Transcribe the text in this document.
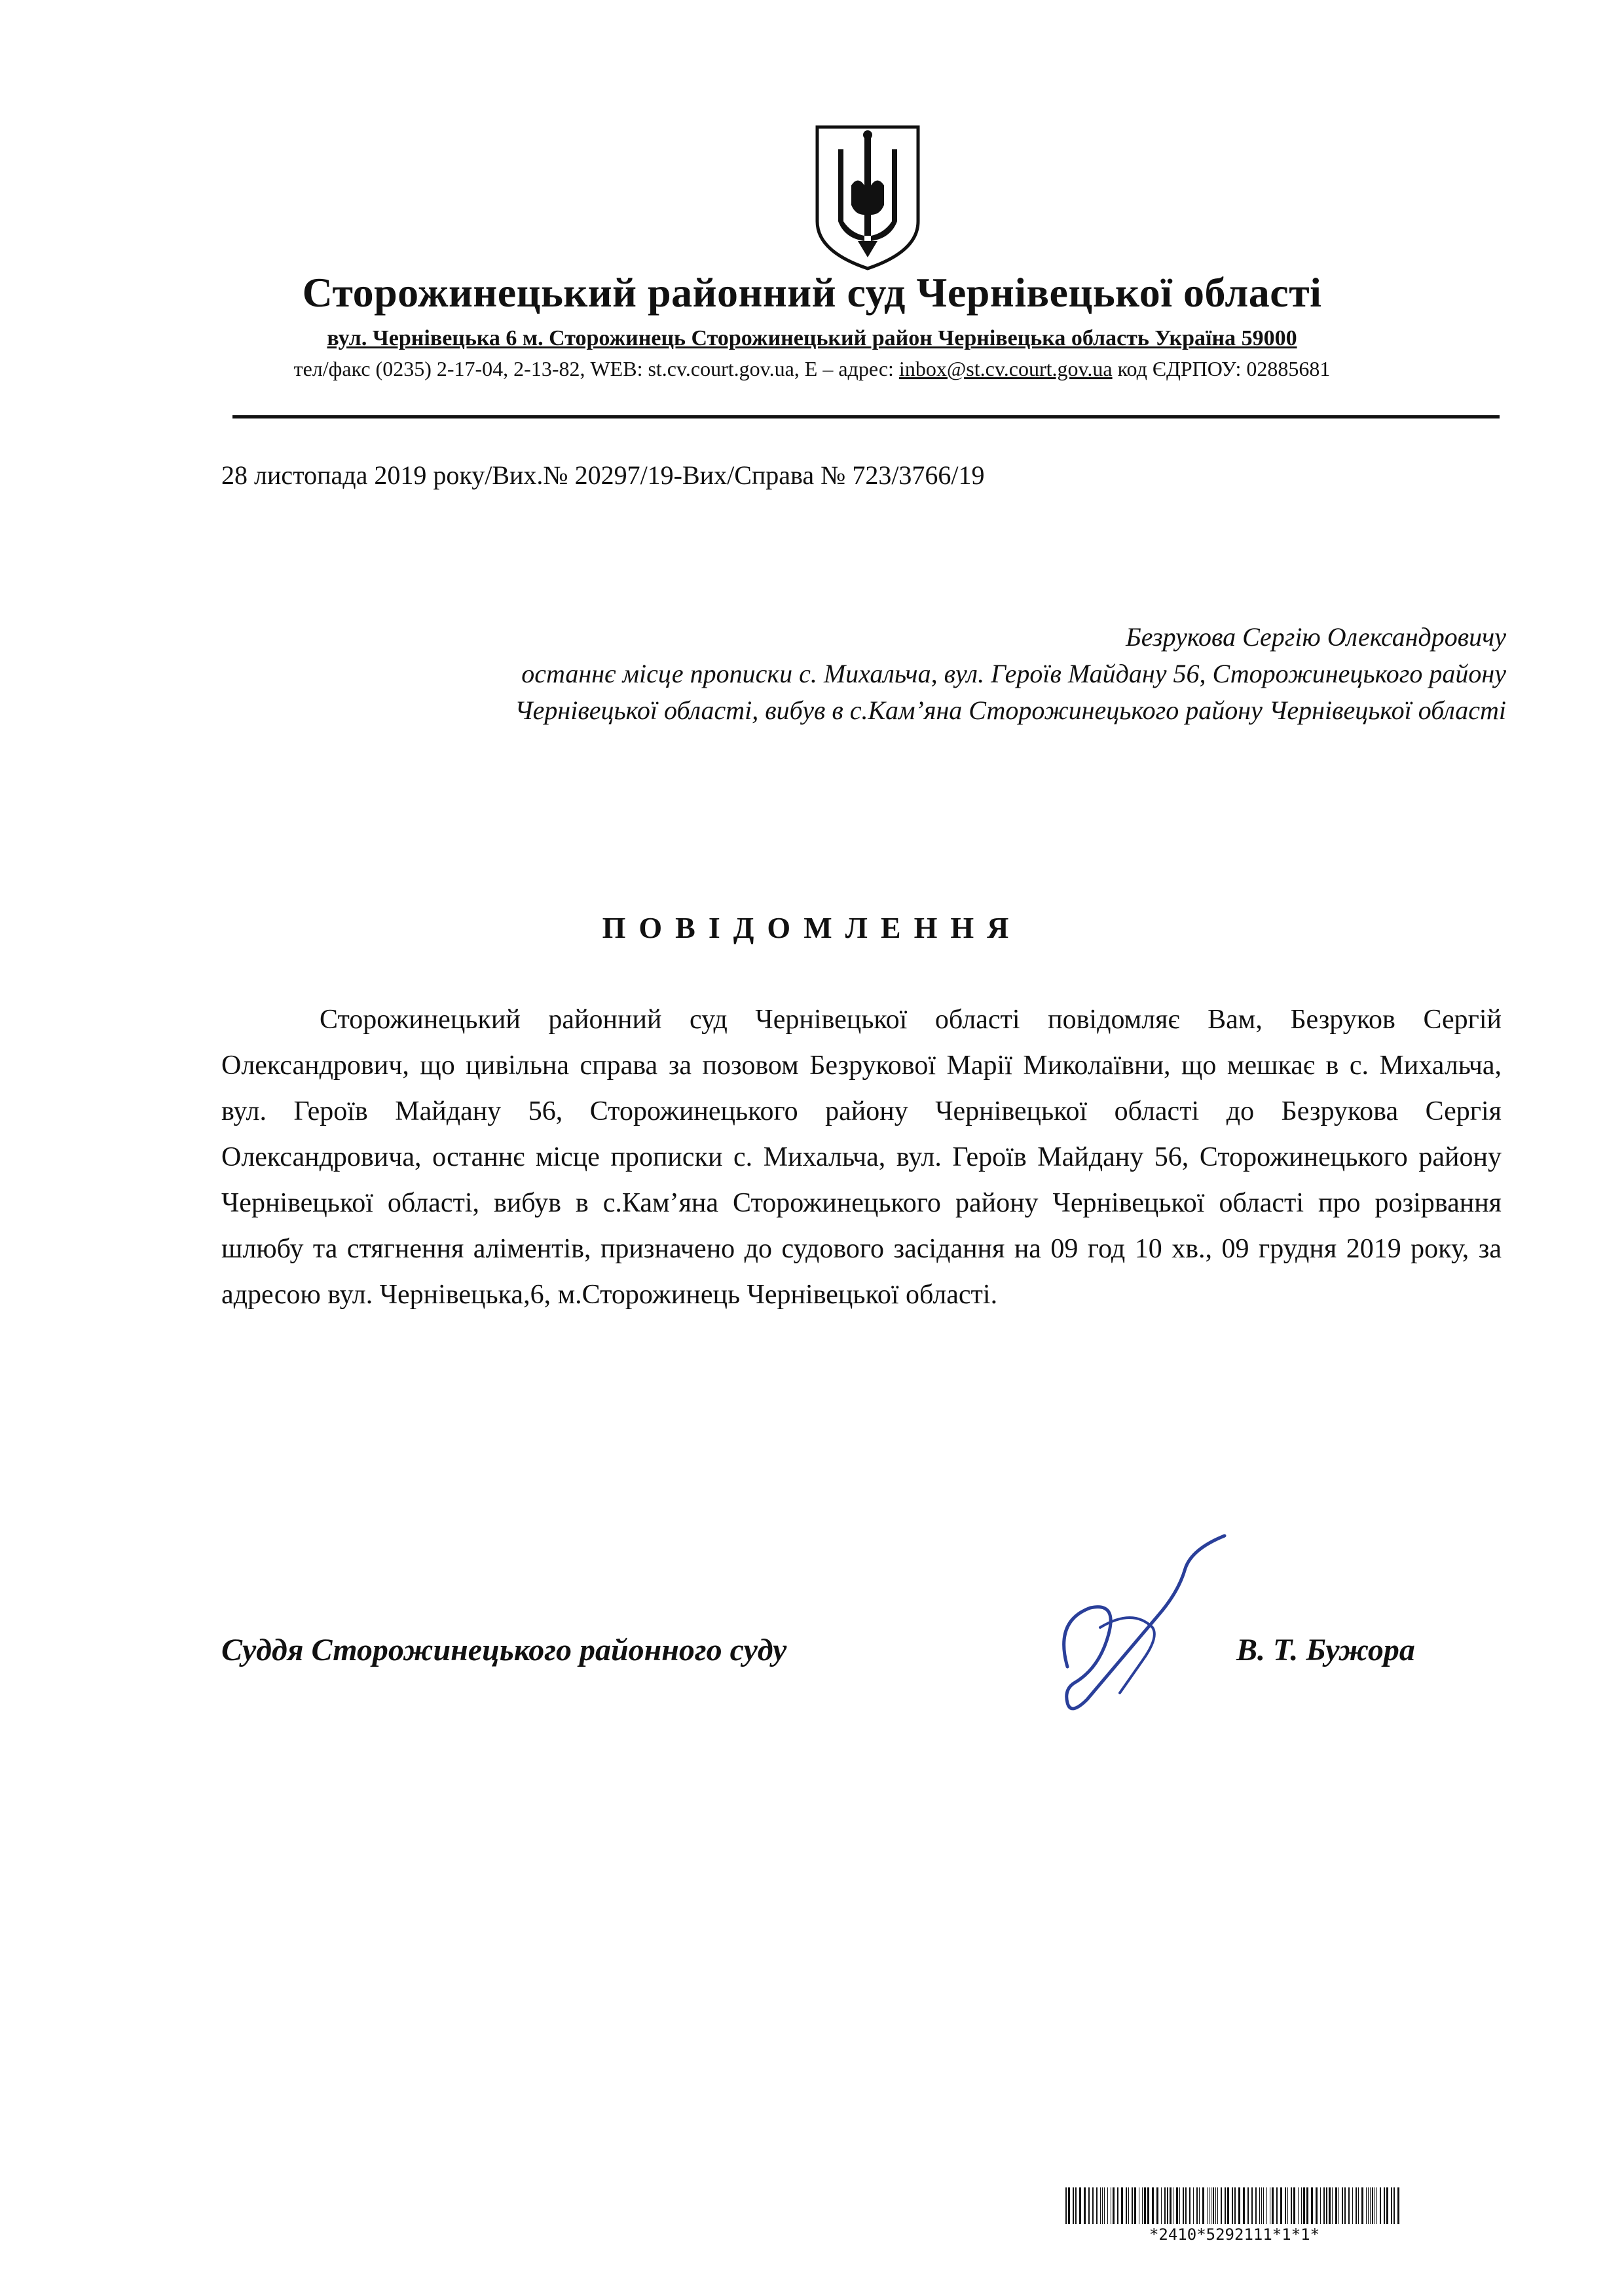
Сторожинецький районний суд Чернівецької області
вул. Чернівецька 6 м. Сторожинець Сторожинецький район Чернівецька область Україна 59000
тел/факс (0235) 2-17-04, 2-13-82, WEB: st.cv.court.gov.ua, E – адрес: inbox@st.cv.court.gov.ua код ЄДРПОУ: 02885681
28 листопада 2019 року/Вих.№ 20297/19-Вих/Справа № 723/3766/19
Безрукова Сергію Олександровичу
останнє місце прописки с. Михальча, вул. Героїв Майдану 56, Сторожинецького району
Чернівецької області, вибув в с.Кам’яна Сторожинецького району Чернівецької області
ПОВІДОМЛЕННЯ

Сторожинецький районний суд Чернівецької області повідомляє Вам, Безруков Сергій Олександрович, що цивільна справа за позовом Безрукової Марії Миколаївни, що мешкає в с. Михальча, вул. Героїв Майдану 56, Сторожинецького району Чернівецької області до Безрукова Сергія Олександровича, останнє місце прописки с. Михальча, вул. Героїв Майдану 56, Сторожинецького району Чернівецької області, вибув в с.Кам’яна Сторожинецького району Чернівецької області про розірвання шлюбу та стягнення аліментів, призначено до судового засідання на 09 год 10 хв., 09 грудня 2019 року, за адресою вул. Чернівецька,6, м.Сторожинець Чернівецької області.

Суддя Сторожинецького районного суду	В. Т. Бужора
*2410*5292111*1*1*
